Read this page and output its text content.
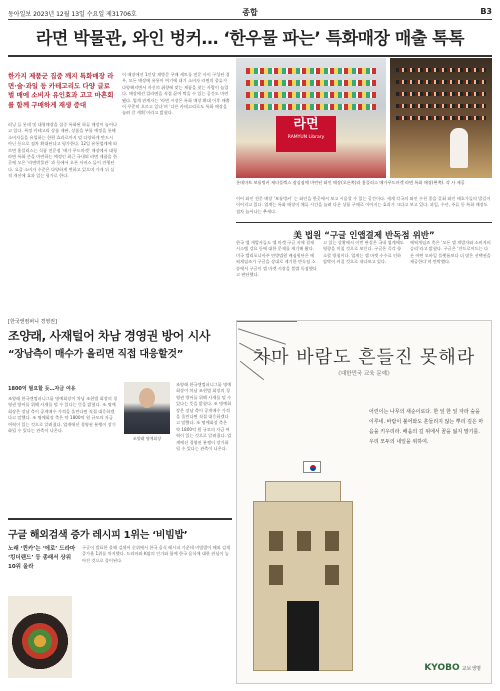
동아일보 2023년 12월 13일 수요일 제31706호	종합	B3
라면 박물관, 와인 벙커… ‘한우물 파는’ 특화매장 매출 톡톡
한가지 제품군 집중 깨지 특화매장 라면·술·과일 등 카테고리도 다양 글로 벌 매에 소비자 유인효과 고고 마흔회를 함께 구매하게 재생 증대
러닝 들 롯데 및 대형매장을 집중 특화된 하류 매장이 늘어나고 있다. 특정 카테고리 상품 재판, 상품을 부틀 예정을 통해 소비자들을 유입하는 한편 효과로까지 덜 다양하게 반드시 아닌 등으로 점차 확대된다고 평가한다. 12일 유통업계에 따르면 홈플러스는 식품 전문점 ‘메가 푸드마켓’ 매장에서 대형 라면 특화 존을 마련하는 예정인 최근 국내외 라면 제품을 한 곳에 모은 ‘라면박물관’ 과 등에서 오픈 서비스 들이 진행된다. 요즘 소비자 수준은 다양하게 변하고 있으며 가게 뒤 실적 개선에 효과 있는 평가로 한다.
이 매장에선 1인당 재방문 구매 세트를 전문 사이 구성된 경우, 모든 매장에 유통이 여기에 대기 소비자 라면의 종류가 다양해지면서 자신의 취향에 맞는 제품을 찾는 사람이 늘었다. 매장에선 컵라면을 직접 끓여 먹을 수 있는 공간도 마련됐다. 업계 관계자는 ‘라면 시장은 특화 매장 확대 이후 매출이 꾸준히 오르고 있다’며 ‘다른 카테고리로도 특화 매장을 늘려 갈 계획’이라고 밝혔다.
이어 와인 전문 매장 ‘보틀벙커’ 는 와인을 한곳에서 보고 시음할 수 있는 공간이다. 세계 각국의 와인 수천 종을 갖춰 와인 애호가들의 발길이 이어지고 있다. 업계는 특화 매장이 체류 시간을 늘려 다른 상품 구매로 이어지는 효과가 크다고 보고 있다. 과일, 수산, 주류 등 특화 매장도 점차 늘어나는 추세다.
라면
RAMYUN Library
롯데마트 보틀벙커 제타플렉스 잠실점에 마련된 와인 매장(오른쪽)과 홈플러스 메가푸드마켓 라면 특화 매장(왼쪽). 각 사 제공
美 법원 “구글 인앱결제 반독점 위반”
한국 앱 개발사들도 앱 마켓 구글 자체 결제 시스템 강요 등에 대한 문제를 제기해 왔다. 미국 캘리포니아주 연방법원 배심원단은 에픽게임즈가 구글을 상대로 제기한 반독점 소송에서 구글이 앱 마켓 시장을 불법 독점했다고 판단했다.
고 있는 상황에서 이번 판결은 국내 업계에도 영향을 미칠 것으로 보인다. 구글은 즉각 항소할 방침이다. 업계는 앱 마켓 수수료 인하 압박이 커질 것으로 내다보고 있다.
에픽게임즈 측은 ‘모든 앱 개발자와 소비자의 승리’라고 밝혔다. 구글은 ‘안드로이드는 다른 어떤 모바일 플랫폼보다 더 많은 선택권을 제공한다’며 반박했다.
[한국앤컴퍼니 경영권]
조양래, 사재털어 차남 경영권 방어 시사
“장남측이 매수가 올리면 직접 대응할것”
1800억 필요할 듯…자금 여유
조양래 명예회장
조양래 한국앤컴퍼니그룹 명예회장이 차남 조현범 회장의 경영권 방어를 위해 사재를 털 수 있다는 뜻을 밝혔다. 조 명예회장은 장남 측이 공개매수 가격을 올린다면 직접 대응하겠다고 말했다. 조 명예회장 측은 약 1800억 원 규모의 자금 여력이 있는 것으로 알려졌다. 업계에선 경영권 분쟁이 장기화될 수 있다는 관측이 나온다.
조양래 한국앤컴퍼니그룹 명예회장이 차남 조현범 회장의 경영권 방어를 위해 사재를 털 수 있다는 뜻을 밝혔다. 조 명예회장은 장남 측이 공개매수 가격을 올린다면 직접 대응하겠다고 말했다. 조 명예회장 측은 약 1800억 원 규모의 자금 여력이 있는 것으로 알려졌다. 업계에선 경영권 분쟁이 장기화될 수 있다는 관측이 나온다.
구글 해외검색 증가 레시피 1위는 ‘비빔밥’
노래 ‘퀸카’는 ‘에로’ 드라마 ‘킹더랜드’ 등 종래서 상위 10위 올라
구글이 발표한 올해 검색어 순위에서 한국 음식 레시피 가운데 비빔밥이 해외 검색 증가율 1위를 차지했다. 드라마와 K팝의 인기와 함께 한국 음식에 대한 관심이 높아진 것으로 풀이된다.
차마 바람도 흔들진 못해라
《대한민국 교육 문예》
어린이는 나무의 새순이로다. 한 잎 한 잎 자라 숲을 이루네. 바람이 불어와도 흔들리지 않는 뿌리 깊은 마음을 키우리라. 배움의 길 위에서 꿈을 잃지 말기를. 우리 모두의 내일을 위하여.
KYOBO 교보생명
